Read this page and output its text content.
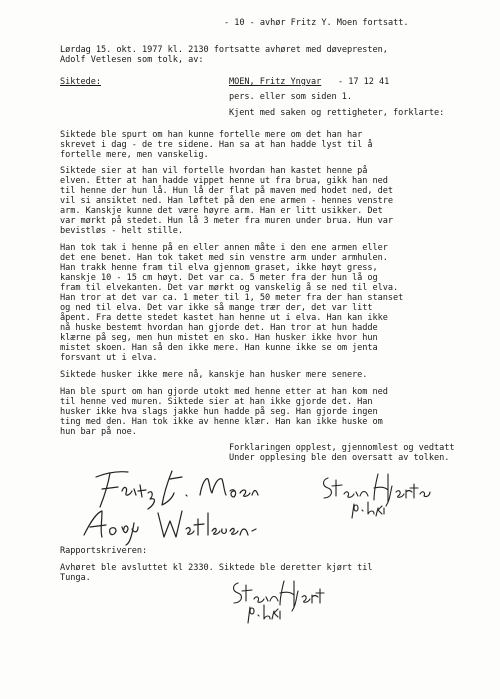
- 10 - avhør Fritz Y. Moen fortsatt.
Lørdag 15. okt. 1977 kl. 2130 fortsatte avhøret med døvepresten,
Adolf Vetlesen som tolk, av:
Siktede:	MOEN, Fritz Yngvar - 17 12 41
pers. eller som siden 1.
Kjent med saken og rettigheter, forklarte:
Siktede ble spurt om han kunne fortelle mere om det han har
skrevet i dag - de tre sidene. Han sa at han hadde lyst til å
fortelle mere, men vanskelig.
Siktede sier at han vil fortelle hvordan han kastet henne på
elven. Etter at han hadde vippet henne ut fra brua, gikk han ned
til henne der hun lå. Hun lå der flat på maven med hodet ned, det
vil si ansiktet ned. Han løftet på den ene armen - hennes venstre
arm. Kanskje kunne det være høyre arm. Han er litt usikker. Det
var mørkt på stedet. Hun lå 3 meter fra muren under brua. Hun var
bevistløs - helt stille.
Han tok tak i henne på en eller annen måte i den ene armen eller
det ene benet. Han tok taket med sin venstre arm under armhulen.
Han trakk henne fram til elva gjennom graset, ikke høyt gress,
kanskje 10 - 15 cm høyt. Det var ca. 5 meter fra der hun lå og
fram til elvekanten. Det var mørkt og vanskelig å se ned til elva.
Han tror at det var ca. 1 meter til 1, 50 meter fra der han stanset
og ned til elva. Det var ikke så mange trær der, det var litt
åpent. Fra dette stedet kastet han henne ut i elva. Han kan ikke
nå huske bestemt hvordan han gjorde det. Han tror at hun hadde
klærne på seg, men hun mistet en sko. Han husker ikke hvor hun
mistet skoen. Han så den ikke mere. Han kunne ikke se om jenta
forsvant ut i elva.
Siktede husker ikke mere nå, kanskje han husker mere senere.
Han ble spurt om han gjorde utokt med henne etter at han kom ned
til henne ved muren. Siktede sier at han ikke gjorde det. Han
husker ikke hva slags jakke hun hadde på seg. Han gjorde ingen
ting med den. Han tok ikke av henne klær. Han kan ikke huske om
hun bar på noe.
Forklaringen opplest, gjennomlest og vedtatt
Under opplesing ble den oversatt av tolken.
Rapportskriveren:
Avhøret ble avsluttet kl 2330. Siktede ble deretter kjørt til
Tunga.
